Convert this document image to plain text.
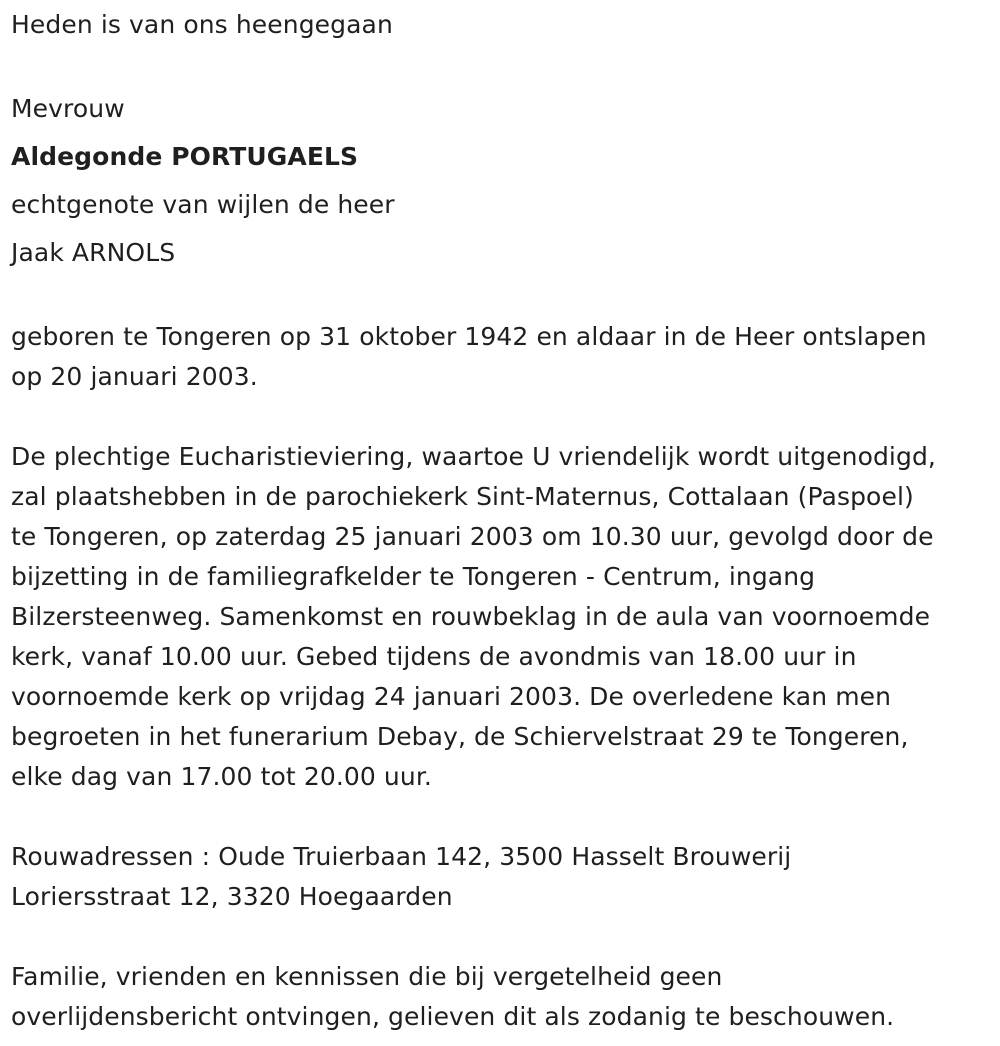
Heden is van ons heengegaan
Mevrouw
Aldegonde PORTUGAELS
echtgenote van wijlen de heer
Jaak ARNOLS
geboren te Tongeren op 31 oktober 1942 en aldaar in de Heer ontslapen
op 20 januari 2003.
De plechtige Eucharistieviering, waartoe U vriendelijk wordt uitgenodigd,
zal plaatshebben in de parochiekerk Sint-Maternus, Cottalaan (Paspoel)
te Tongeren, op zaterdag 25 januari 2003 om 10.30 uur, gevolgd door de
bijzetting in de familiegrafkelder te Tongeren - Centrum, ingang
Bilzersteenweg. Samenkomst en rouwbeklag in de aula van voornoemde
kerk, vanaf 10.00 uur. Gebed tijdens de avondmis van 18.00 uur in
voornoemde kerk op vrijdag 24 januari 2003. De overledene kan men
begroeten in het funerarium Debay, de Schiervelstraat 29 te Tongeren,
elke dag van 17.00 tot 20.00 uur.
Rouwadressen : Oude Truierbaan 142, 3500 Hasselt Brouwerij
Loriersstraat 12, 3320 Hoegaarden
Familie, vrienden en kennissen die bij vergetelheid geen
overlijdensbericht ontvingen, gelieven dit als zodanig te beschouwen.
